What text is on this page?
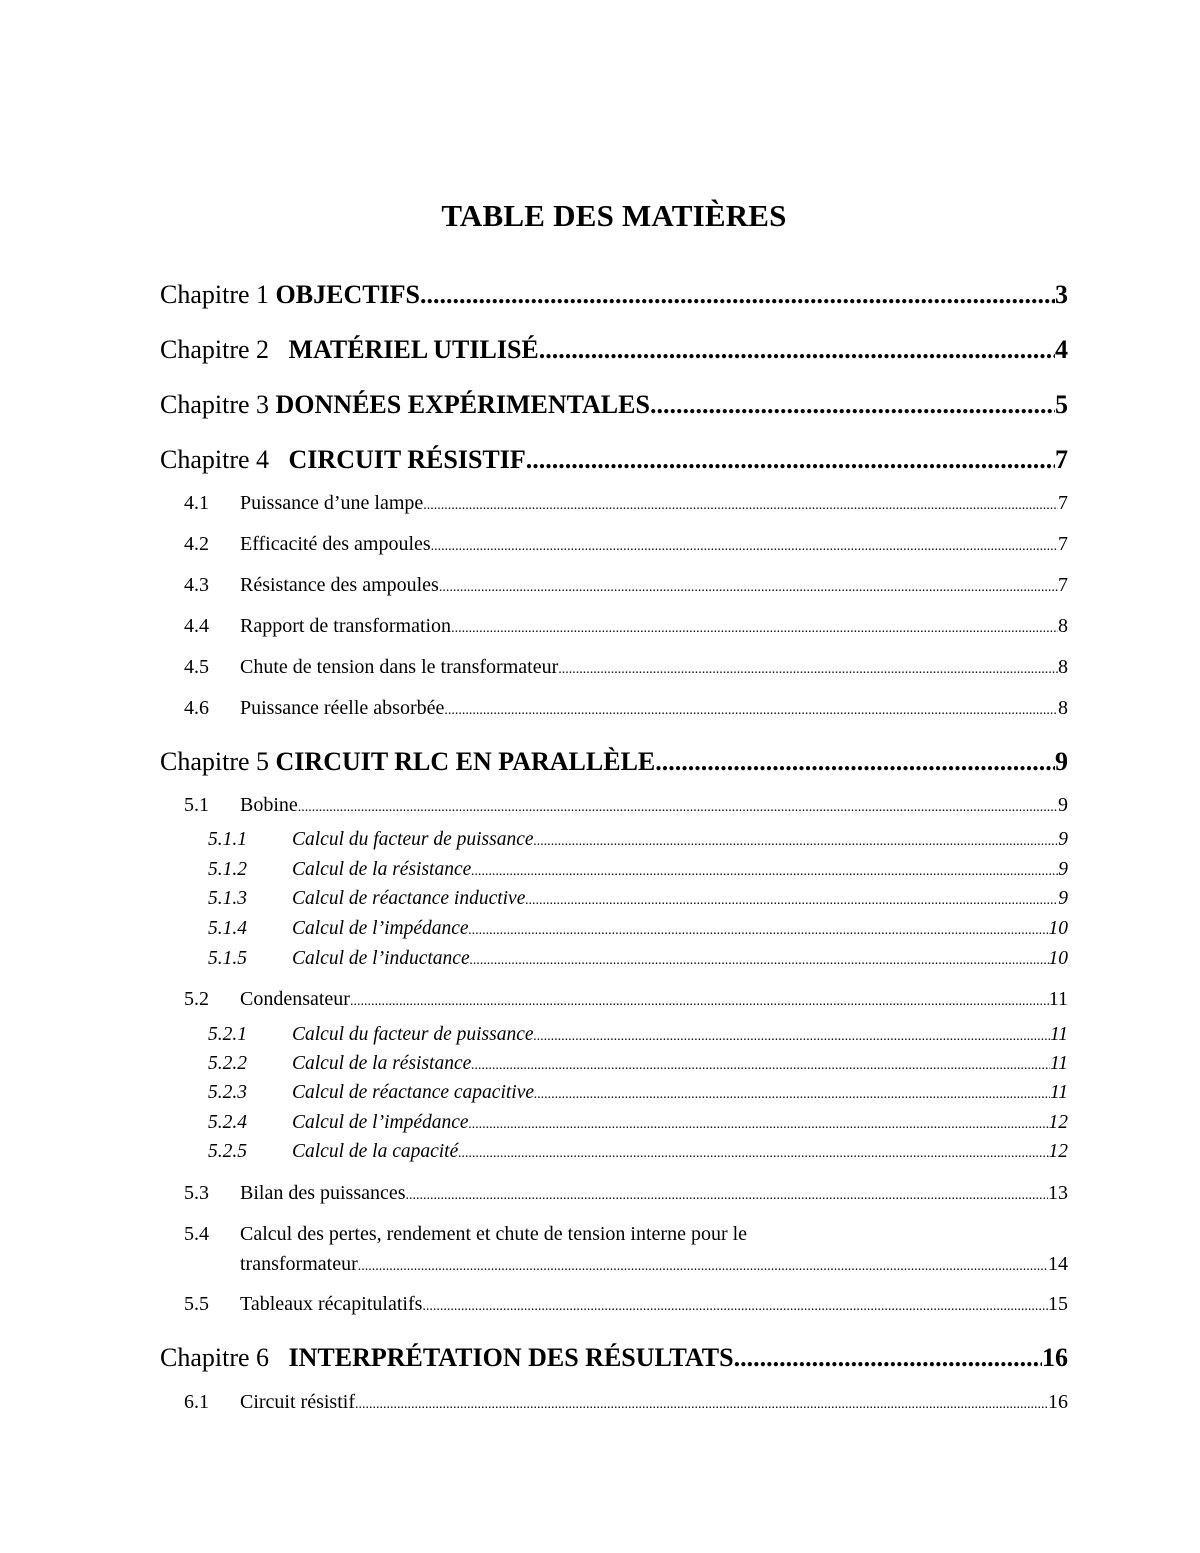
TABLE DES MATIÈRES
Chapitre 1 OBJECTIFS .....	3
Chapitre 2 MATÉRIEL UTILISÉ .....	4
Chapitre 3 DONNÉES EXPÉRIMENTALES .....	5
Chapitre 4 CIRCUIT RÉSISTIF .....	7
4.1	Puissance d’une lampe .....	7
4.2	Efficacité des ampoules .....	7
4.3	Résistance des ampoules .....	7
4.4	Rapport de transformation .....	8
4.5	Chute de tension dans le transformateur .....	8
4.6	Puissance réelle absorbée .....	8
Chapitre 5 CIRCUIT RLC EN PARALLÈLE .....	9
5.1	Bobine .....	9
5.1.1	Calcul du facteur de puissance .....	9
5.1.2	Calcul de la résistance .....	9
5.1.3	Calcul de réactance inductive .....	9
5.1.4	Calcul de l’impédance .....	10
5.1.5	Calcul de l’inductance .....	10
5.2	Condensateur .....	11
5.2.1	Calcul du facteur de puissance .....	11
5.2.2	Calcul de la résistance .....	11
5.2.3	Calcul de réactance capacitive .....	11
5.2.4	Calcul de l’impédance .....	12
5.2.5	Calcul de la capacité .....	12
5.3	Bilan des puissances .....	13
5.4	Calcul des pertes, rendement et chute de tension interne pour le
transformateur .....	14
5.5	Tableaux récapitulatifs .....	15
Chapitre 6 INTERPRÉTATION DES RÉSULTATS .....	16
6.1	Circuit résistif .....	16
